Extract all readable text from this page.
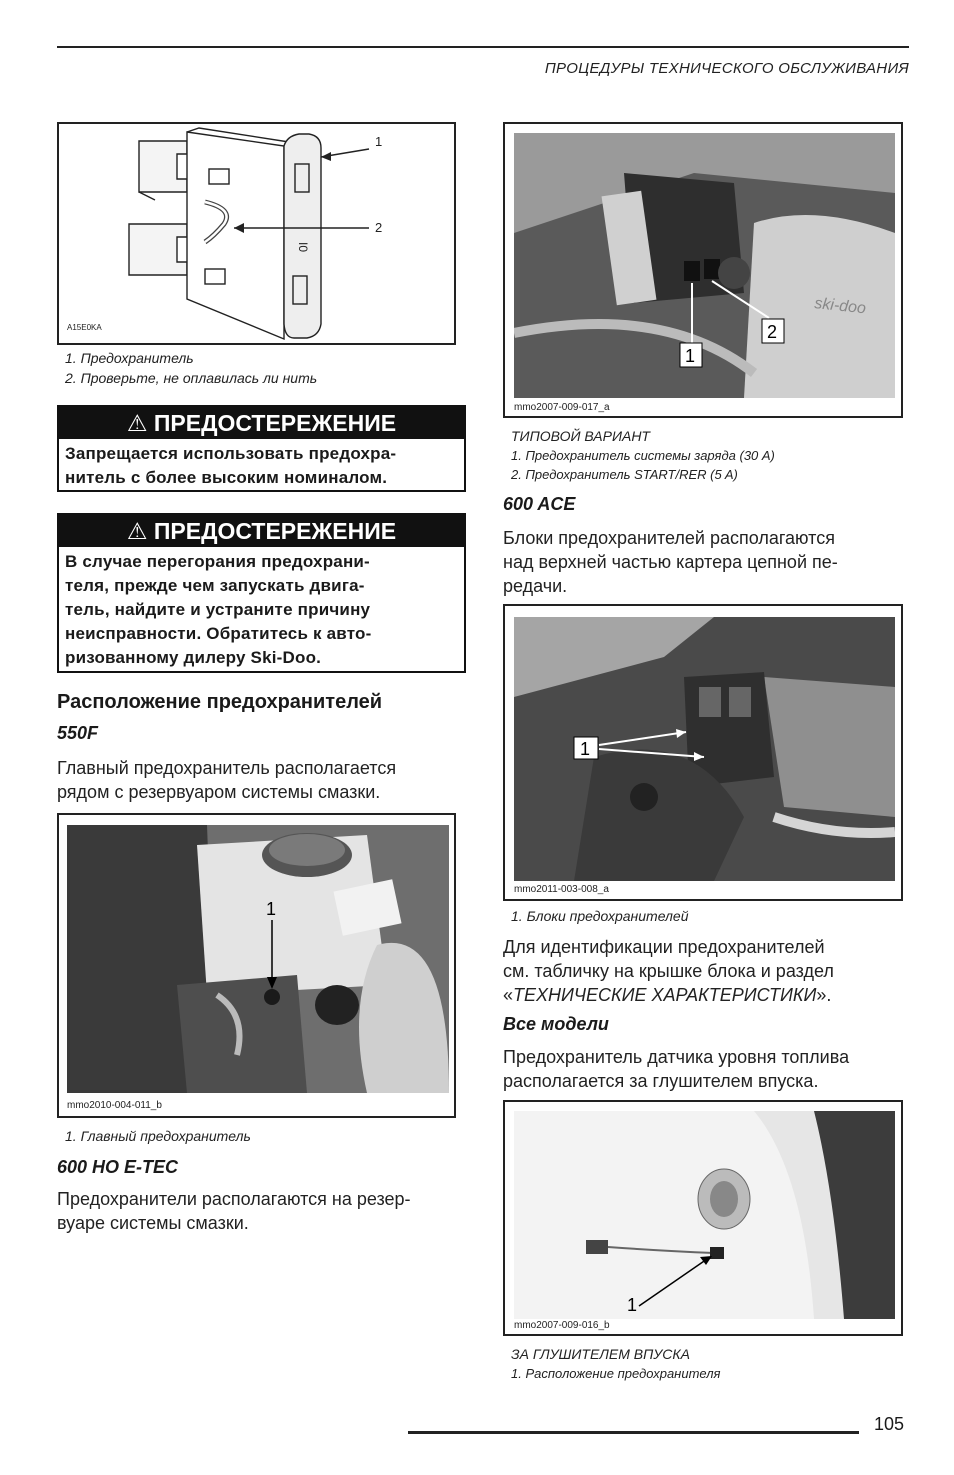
ПРОЦЕДУРЫ ТЕХНИЧЕСКОГО ОБСЛУЖИВАНИЯ
I0
1
2
A15E0KA
1. Предохранитель
2. Проверьте, не оплавилась ли нить
⚠ ПРЕДОСТЕРЕЖЕНИЕ
Запрещается использовать предохра-
нитель с более высоким номиналом.
⚠ ПРЕДОСТЕРЕЖЕНИЕ
В случае перегорания предохрани-
теля, прежде чем запускать двига-
тель, найдите и устраните причину
неисправности. Обратитесь к авто-
ризованному дилеру Ski-Doo.
Расположение предохранителей
550F
Главный предохранитель располагается
рядом с резервуаром системы смазки.
1
mmo2010-004-011_b
1. Главный предохранитель
600 HO E-TEC
Предохранители располагаются на резер-
вуаре системы смазки.
ski-doo
1
2
mmo2007-009-017_a
ТИПОВОЙ ВАРИАНТ
1. Предохранитель системы заряда (30 A)
2. Предохранитель START/RER (5 A)
600 ACE
Блоки предохранителей располагаются
над верхней частью картера цепной пе-
редачи.
1
mmo2011-003-008_a
1. Блоки предохранителей
Для идентификации предохранителей
см. табличку на крышке блока и раздел
«ТЕХНИЧЕСКИЕ ХАРАКТЕРИСТИКИ».
Все модели
Предохранитель датчика уровня топлива
располагается за глушителем впуска.
1
mmo2007-009-016_b
ЗА ГЛУШИТЕЛЕМ ВПУСКА
1. Расположение предохранителя
105
